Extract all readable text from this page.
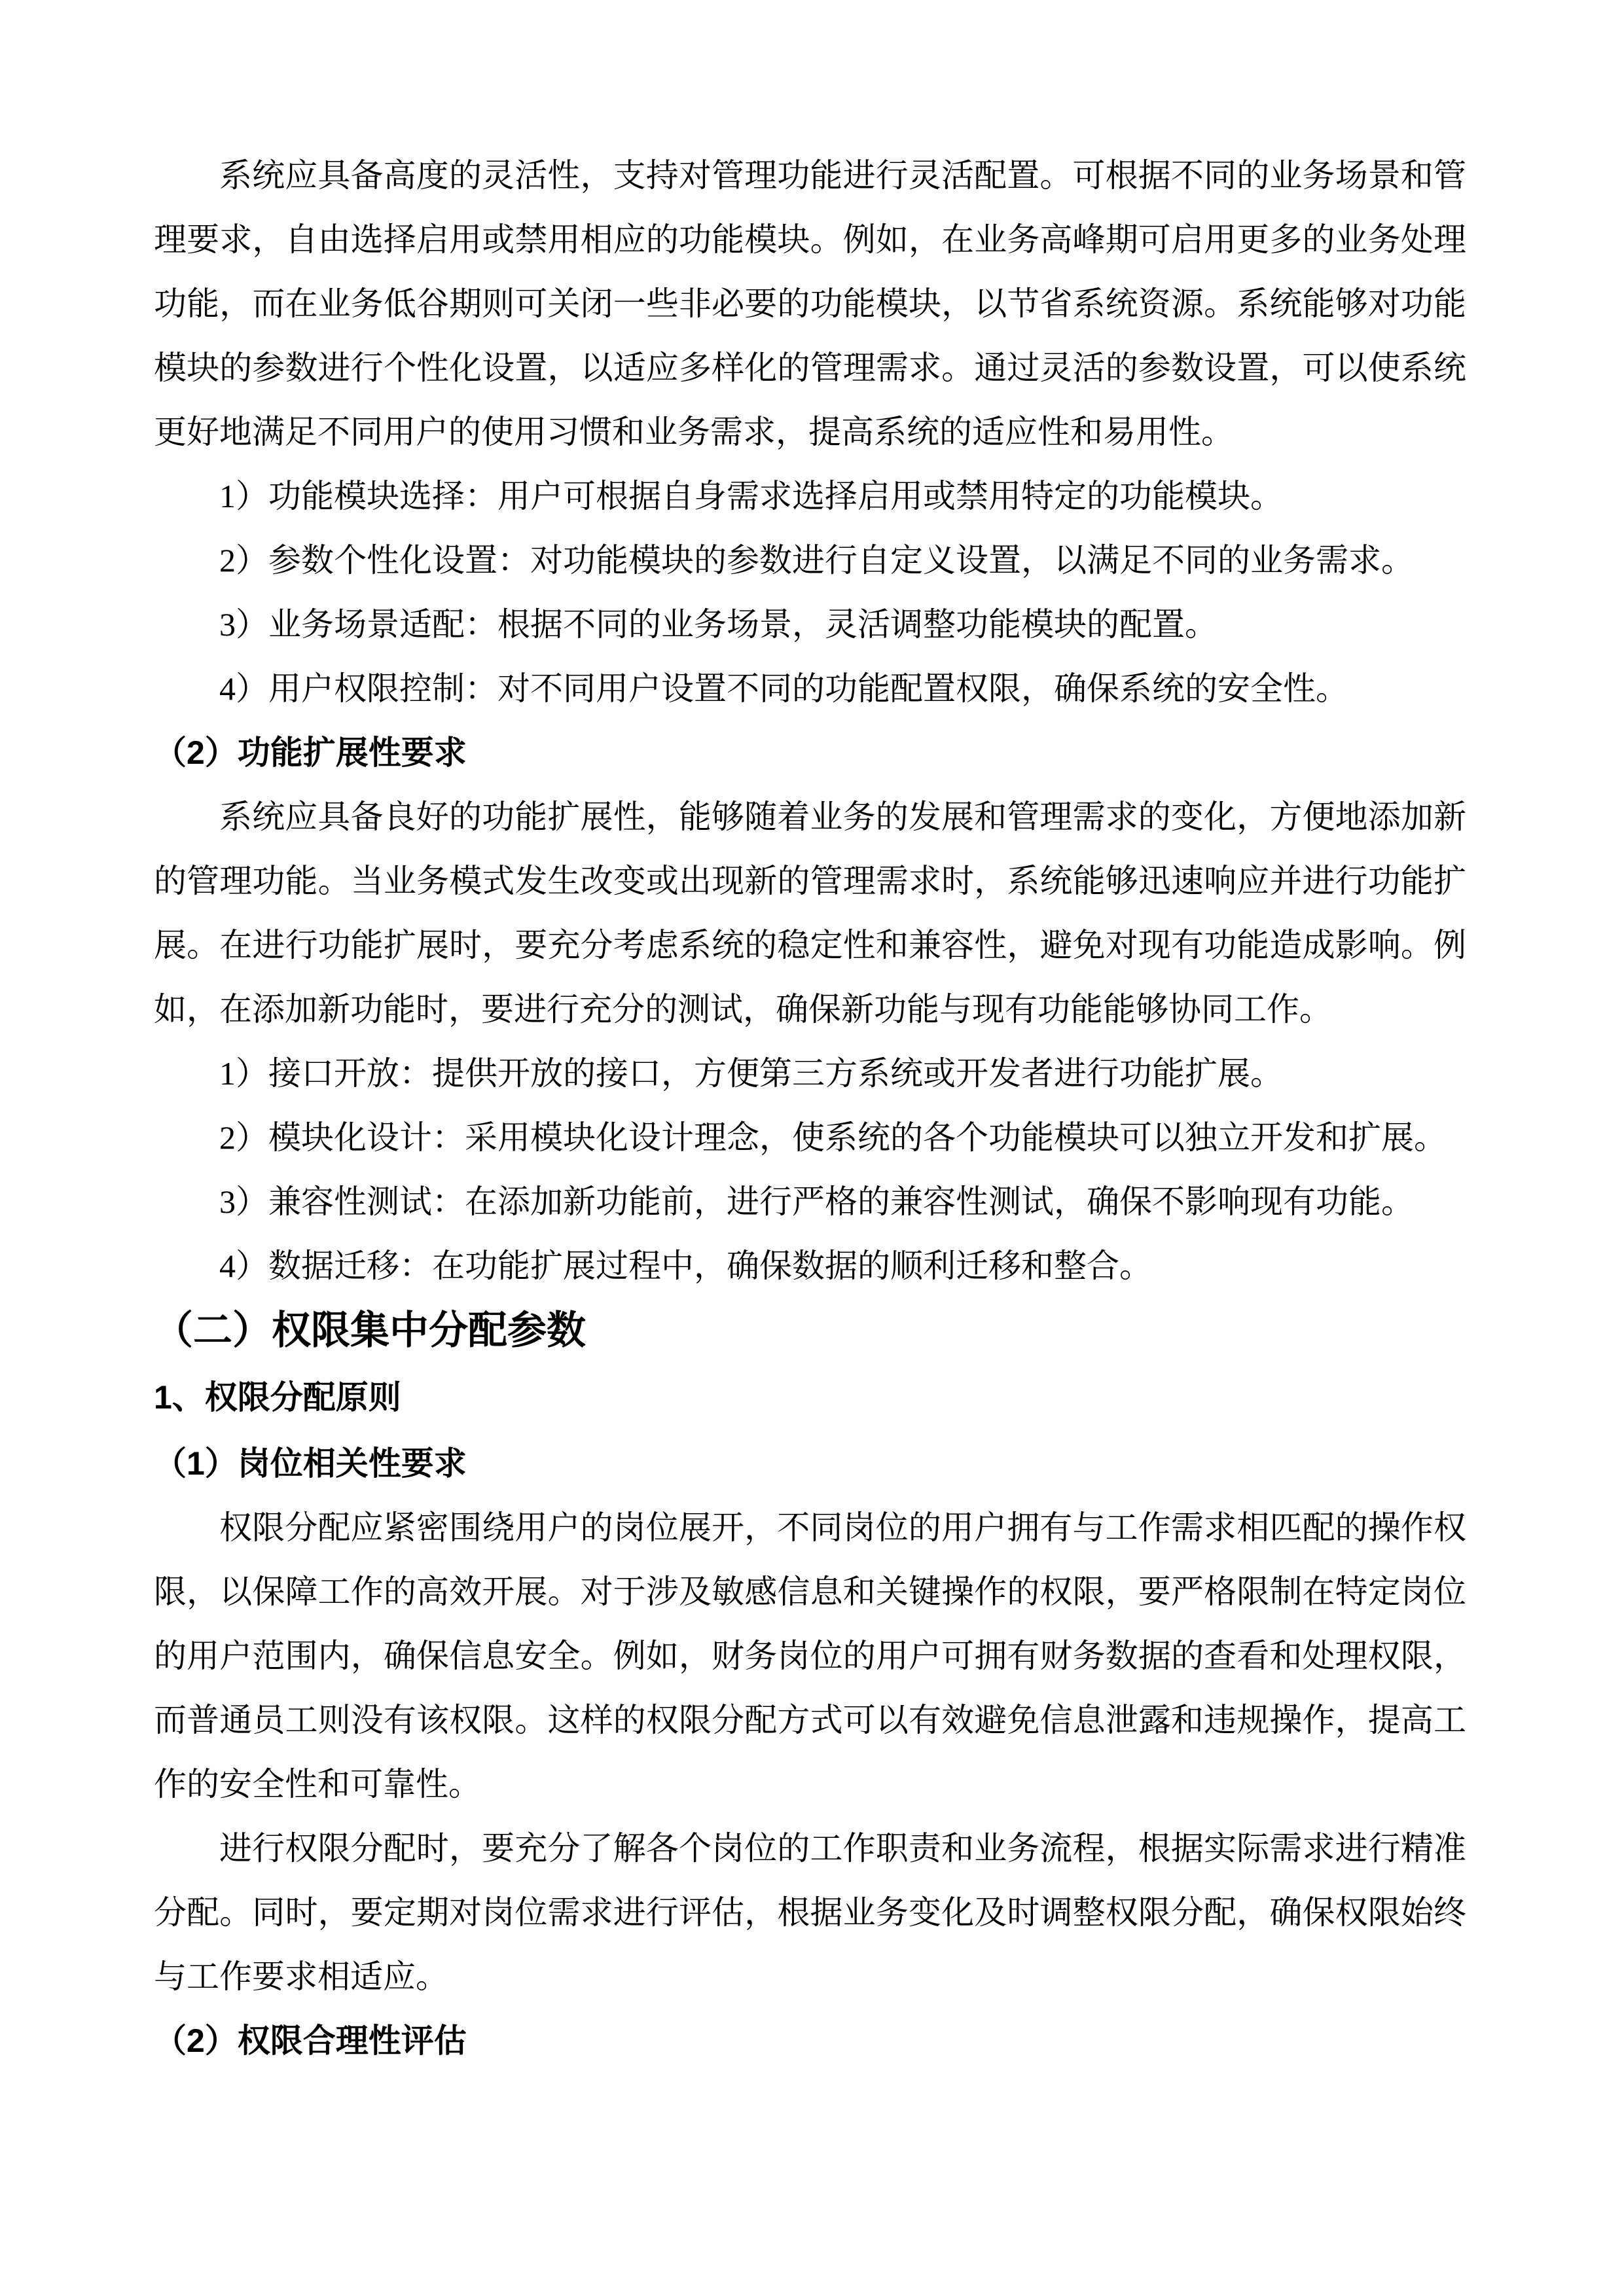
系统应具备高度的灵活性，支持对管理功能进行灵活配置。可根据不同的业务场景和管理要求，自由选择启用或禁用相应的功能模块。例如，在业务高峰期可启用更多的业务处理功能，而在业务低谷期则可关闭一些非必要的功能模块，以节省系统资源。系统能够对功能模块的参数进行个性化设置，以适应多样化的管理需求。通过灵活的参数设置，可以使系统更好地满足不同用户的使用习惯和业务需求，提高系统的适应性和易用性。
1）功能模块选择：用户可根据自身需求选择启用或禁用特定的功能模块。
2）参数个性化设置：对功能模块的参数进行自定义设置，以满足不同的业务需求。
3）业务场景适配：根据不同的业务场景，灵活调整功能模块的配置。
4）用户权限控制：对不同用户设置不同的功能配置权限，确保系统的安全性。
（2）功能扩展性要求
系统应具备良好的功能扩展性，能够随着业务的发展和管理需求的变化，方便地添加新的管理功能。当业务模式发生改变或出现新的管理需求时，系统能够迅速响应并进行功能扩展。在进行功能扩展时，要充分考虑系统的稳定性和兼容性，避免对现有功能造成影响。例如，在添加新功能时，要进行充分的测试，确保新功能与现有功能能够协同工作。
1）接口开放：提供开放的接口，方便第三方系统或开发者进行功能扩展。
2）模块化设计：采用模块化设计理念，使系统的各个功能模块可以独立开发和扩展。
3）兼容性测试：在添加新功能前，进行严格的兼容性测试，确保不影响现有功能。
4）数据迁移：在功能扩展过程中，确保数据的顺利迁移和整合。
（二）权限集中分配参数
1、权限分配原则
（1）岗位相关性要求
权限分配应紧密围绕用户的岗位展开，不同岗位的用户拥有与工作需求相匹配的操作权限，以保障工作的高效开展。对于涉及敏感信息和关键操作的权限，要严格限制在特定岗位的用户范围内，确保信息安全。例如，财务岗位的用户可拥有财务数据的查看和处理权限，而普通员工则没有该权限。这样的权限分配方式可以有效避免信息泄露和违规操作，提高工作的安全性和可靠性。
进行权限分配时，要充分了解各个岗位的工作职责和业务流程，根据实际需求进行精准分配。同时，要定期对岗位需求进行评估，根据业务变化及时调整权限分配，确保权限始终与工作要求相适应。
（2）权限合理性评估
